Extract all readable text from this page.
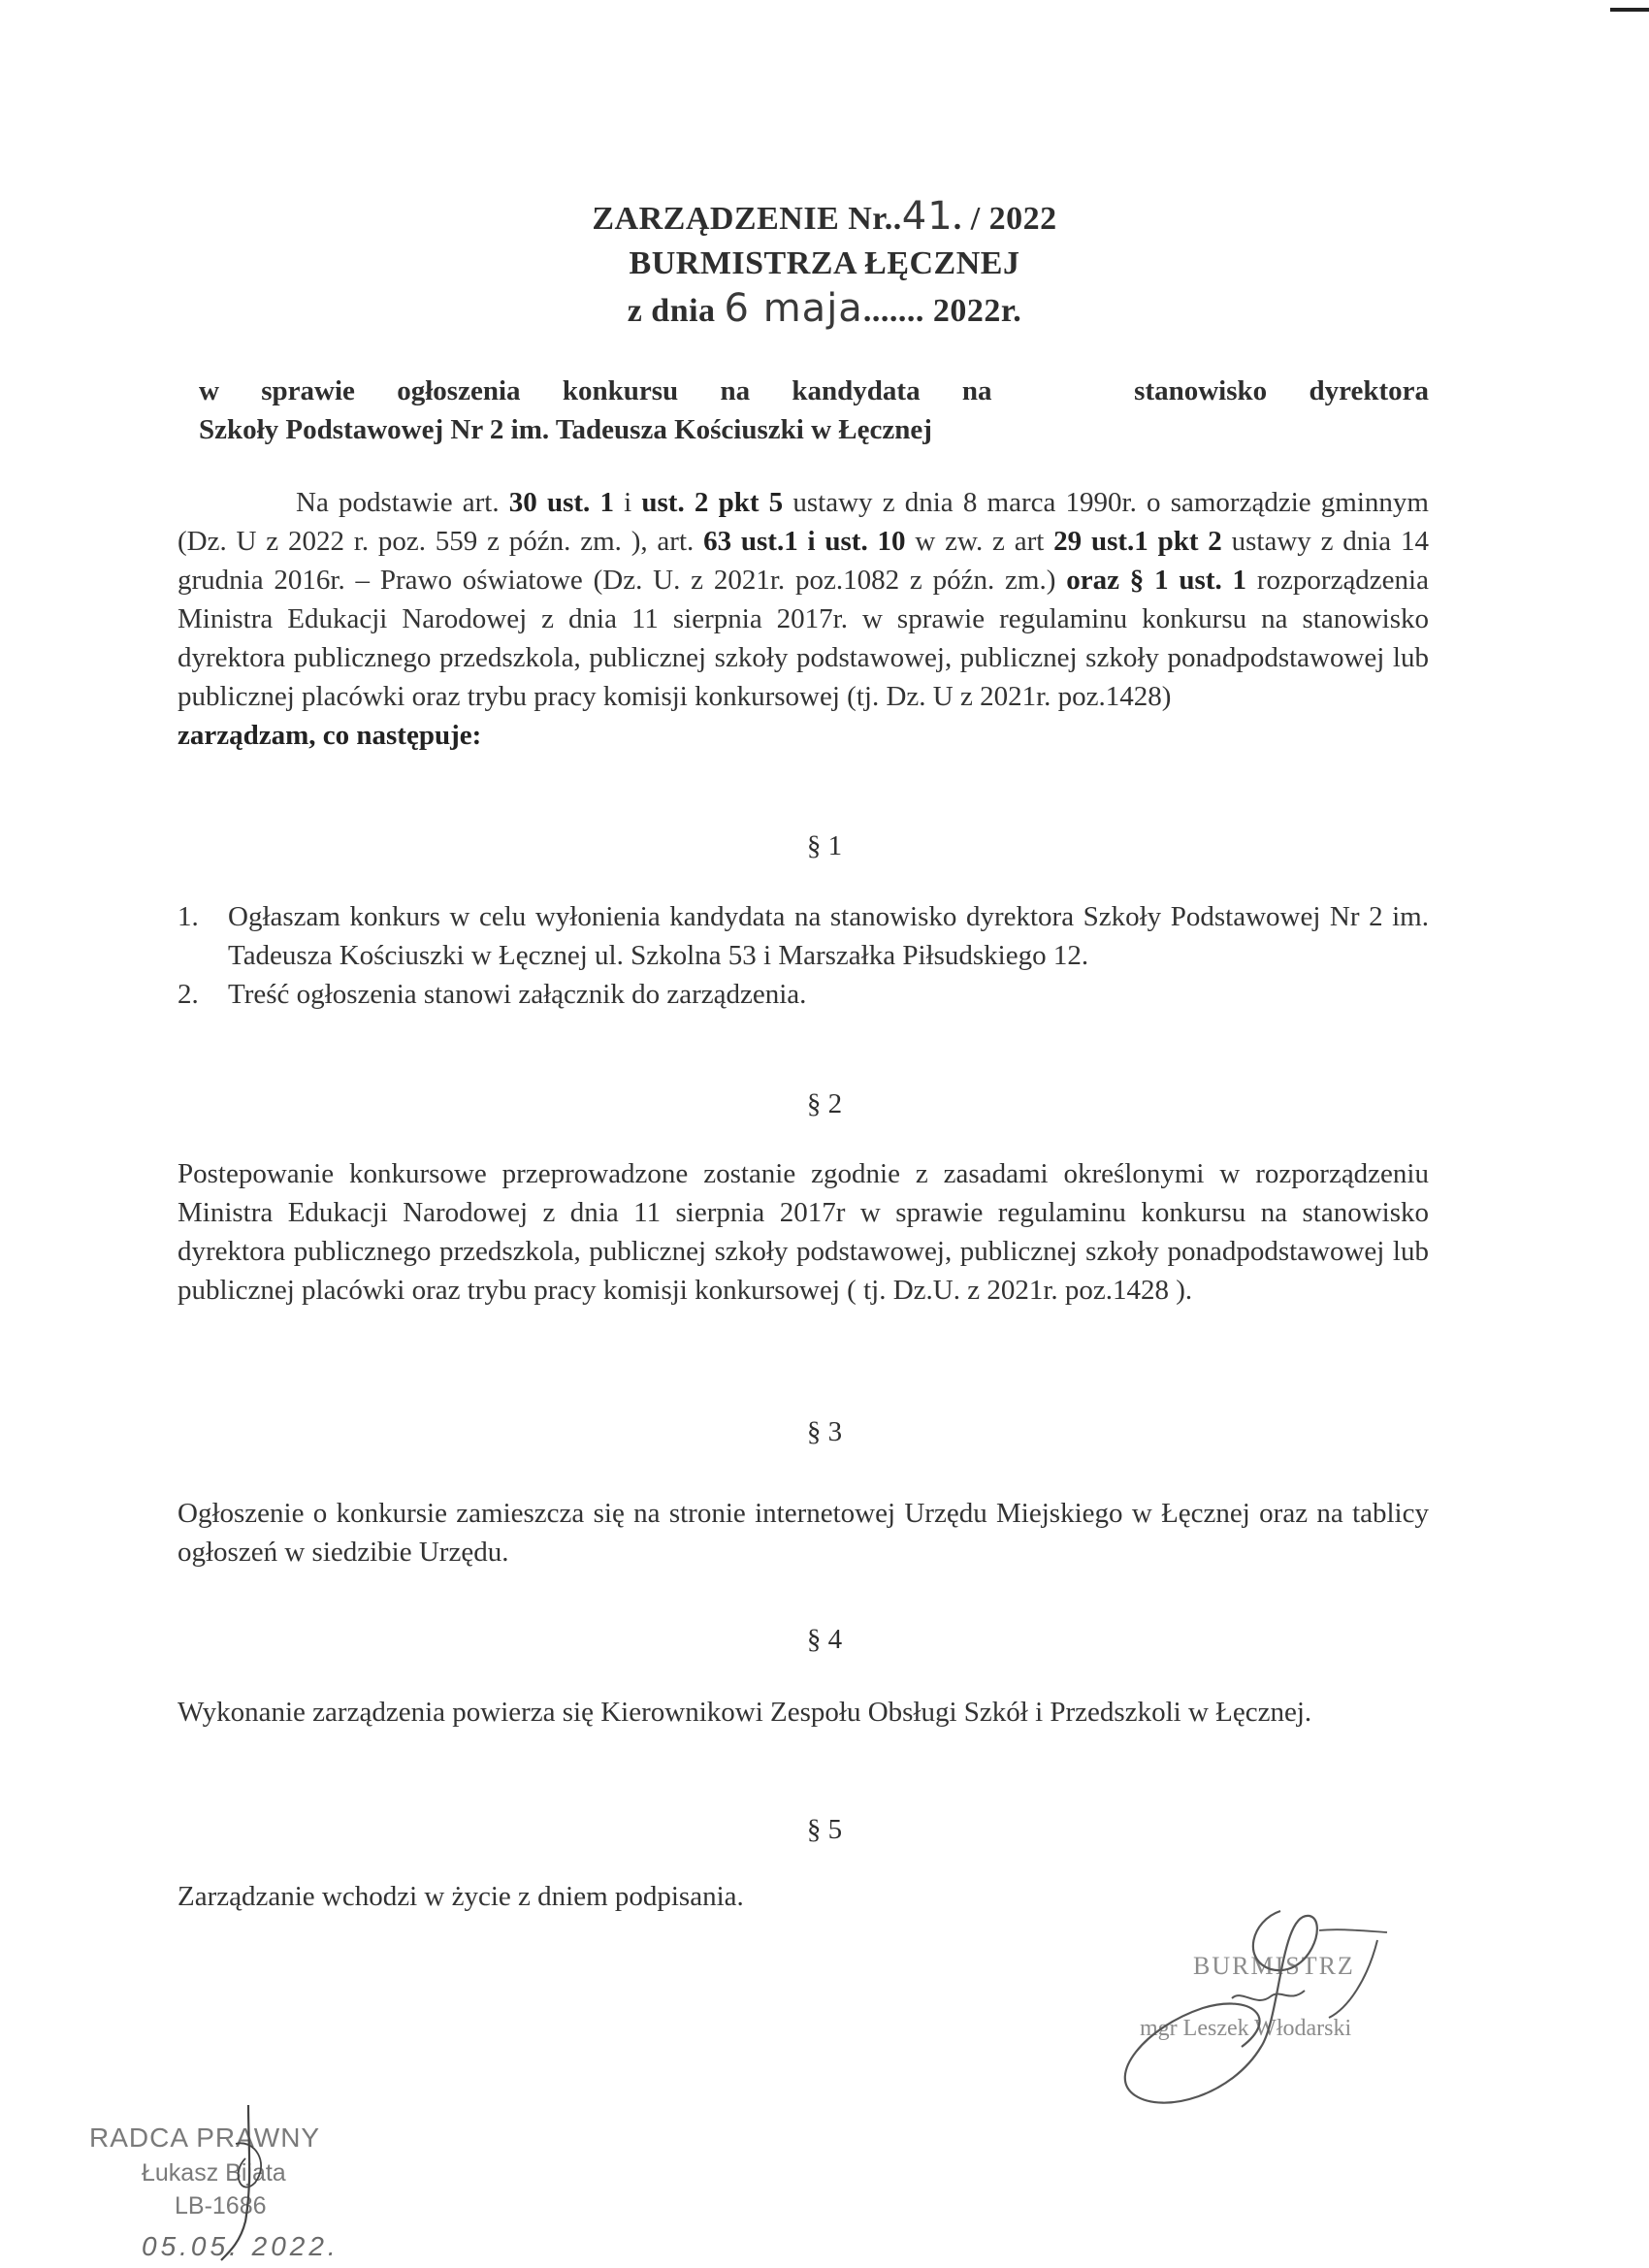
ZARZĄDZENIE Nr..41. / 2022
BURMISTRZA ŁĘCZNEJ
z dnia 6 maja....... 2022r.
w sprawie ogłoszenia konkursu na kandydata na	stanowisko dyrektora
Szkoły Podstawowej Nr 2 im. Tadeusza Kościuszki w Łęcznej
Na podstawie art. 30 ust. 1 i ust. 2 pkt 5 ustawy z dnia 8 marca 1990r. o samorządzie gminnym (Dz. U z 2022 r. poz. 559 z późn. zm. ), art. 63 ust.1 i ust. 10 w zw. z art 29 ust.1 pkt 2 ustawy z dnia 14 grudnia 2016r. – Prawo oświatowe (Dz. U. z 2021r. poz.1082 z późn. zm.) oraz § 1 ust. 1 rozporządzenia Ministra Edukacji Narodowej z dnia 11 sierpnia 2017r. w sprawie regulaminu konkursu na stanowisko dyrektora publicznego przedszkola, publicznej szkoły podstawowej, publicznej szkoły ponadpodstawowej lub publicznej placówki oraz trybu pracy komisji konkursowej (tj. Dz. U z 2021r. poz.1428)
zarządzam, co następuje:
§ 1
1. Ogłaszam konkurs w celu wyłonienia kandydata na stanowisko dyrektora Szkoły Podstawowej Nr 2 im. Tadeusza Kościuszki w Łęcznej ul. Szkolna 53 i Marszałka Piłsudskiego 12.
2. Treść ogłoszenia stanowi załącznik do zarządzenia.
§ 2
Postepowanie konkursowe przeprowadzone zostanie zgodnie z zasadami określonymi w rozporządzeniu Ministra Edukacji Narodowej z dnia 11 sierpnia 2017r w sprawie regulaminu konkursu na stanowisko dyrektora publicznego przedszkola, publicznej szkoły podstawowej, publicznej szkoły ponadpodstawowej lub publicznej placówki oraz trybu pracy komisji konkursowej ( tj. Dz.U. z 2021r. poz.1428 ).
§ 3
Ogłoszenie o konkursie zamieszcza się na stronie internetowej Urzędu Miejskiego w Łęcznej oraz na tablicy ogłoszeń w siedzibie Urzędu.
§ 4
Wykonanie zarządzenia powierza się Kierownikowi Zespołu Obsługi Szkół i Przedszkoli w Łęcznej.
§ 5
Zarządzanie wchodzi w życie z dniem podpisania.
BURMISTRZ
mgr Leszek Włodarski
RADCA PRAWNY
Łukasz Bijata
LB-1686
05.05. 2022.
